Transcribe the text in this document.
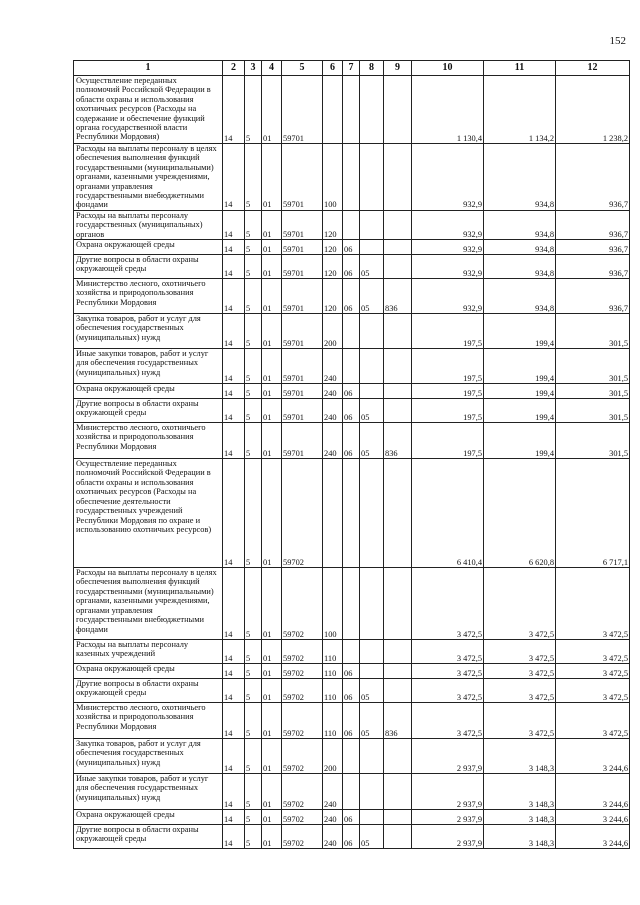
152
1	2	3	4	5	6	7	8	9	10	11	12
Осуществление переданных полномочий Российской Федерации в области охраны и использования охотничьих ресурсов (Расходы на содержание и обеспечение функций органа государственной власти Республики Мордовия)	14	5	01	59701					1 130,4	1 134,2	1 238,2
Расходы на выплаты персоналу в целях обеспечения выполнения функций государственными (муниципальными) органами, казенными учреждениями, органами управления государственными внебюджетными фондами	14	5	01	59701	100				932,9	934,8	936,7
Расходы на выплаты персоналу государственных (муниципальных) органов	14	5	01	59701	120				932,9	934,8	936,7
Охрана окружающей среды	14	5	01	59701	120	06			932,9	934,8	936,7
Другие вопросы в области охраны окружающей среды	14	5	01	59701	120	06	05		932,9	934,8	936,7
Министерство лесного, охотничьего хозяйства и природопользования Республики Мордовия	14	5	01	59701	120	06	05	836	932,9	934,8	936,7
Закупка товаров, работ и услуг для обеспечения государственных (муниципальных) нужд	14	5	01	59701	200				197,5	199,4	301,5
Иные закупки товаров, работ и услуг для обеспечения государственных (муниципальных) нужд	14	5	01	59701	240				197,5	199,4	301,5
Охрана окружающей среды	14	5	01	59701	240	06			197,5	199,4	301,5
Другие вопросы в области охраны окружающей среды	14	5	01	59701	240	06	05		197,5	199,4	301,5
Министерство лесного, охотничьего хозяйства и природопользования Республики Мордовия	14	5	01	59701	240	06	05	836	197,5	199,4	301,5
Осуществление переданных полномочий Российской Федерации в области охраны и использования охотничьих ресурсов (Расходы на обеспечение деятельности государственных учреждений Республики Мордовия по охране и использованию охотничьих ресурсов)	14	5	01	59702					6 410,4	6 620,8	6 717,1
Расходы на выплаты персоналу в целях обеспечения выполнения функций государственными (муниципальными) органами, казенными учреждениями, органами управления государственными внебюджетными фондами	14	5	01	59702	100				3 472,5	3 472,5	3 472,5
Расходы на выплаты персоналу казенных учреждений	14	5	01	59702	110				3 472,5	3 472,5	3 472,5
Охрана окружающей среды	14	5	01	59702	110	06			3 472,5	3 472,5	3 472,5
Другие вопросы в области охраны окружающей среды	14	5	01	59702	110	06	05		3 472,5	3 472,5	3 472,5
Министерство лесного, охотничьего хозяйства и природопользования Республики Мордовия	14	5	01	59702	110	06	05	836	3 472,5	3 472,5	3 472,5
Закупка товаров, работ и услуг для обеспечения государственных (муниципальных) нужд	14	5	01	59702	200				2 937,9	3 148,3	3 244,6
Иные закупки товаров, работ и услуг для обеспечения государственных (муниципальных) нужд	14	5	01	59702	240				2 937,9	3 148,3	3 244,6
Охрана окружающей среды	14	5	01	59702	240	06			2 937,9	3 148,3	3 244,6
Другие вопросы в области охраны окружающей среды	14	5	01	59702	240	06	05		2 937,9	3 148,3	3 244,6
